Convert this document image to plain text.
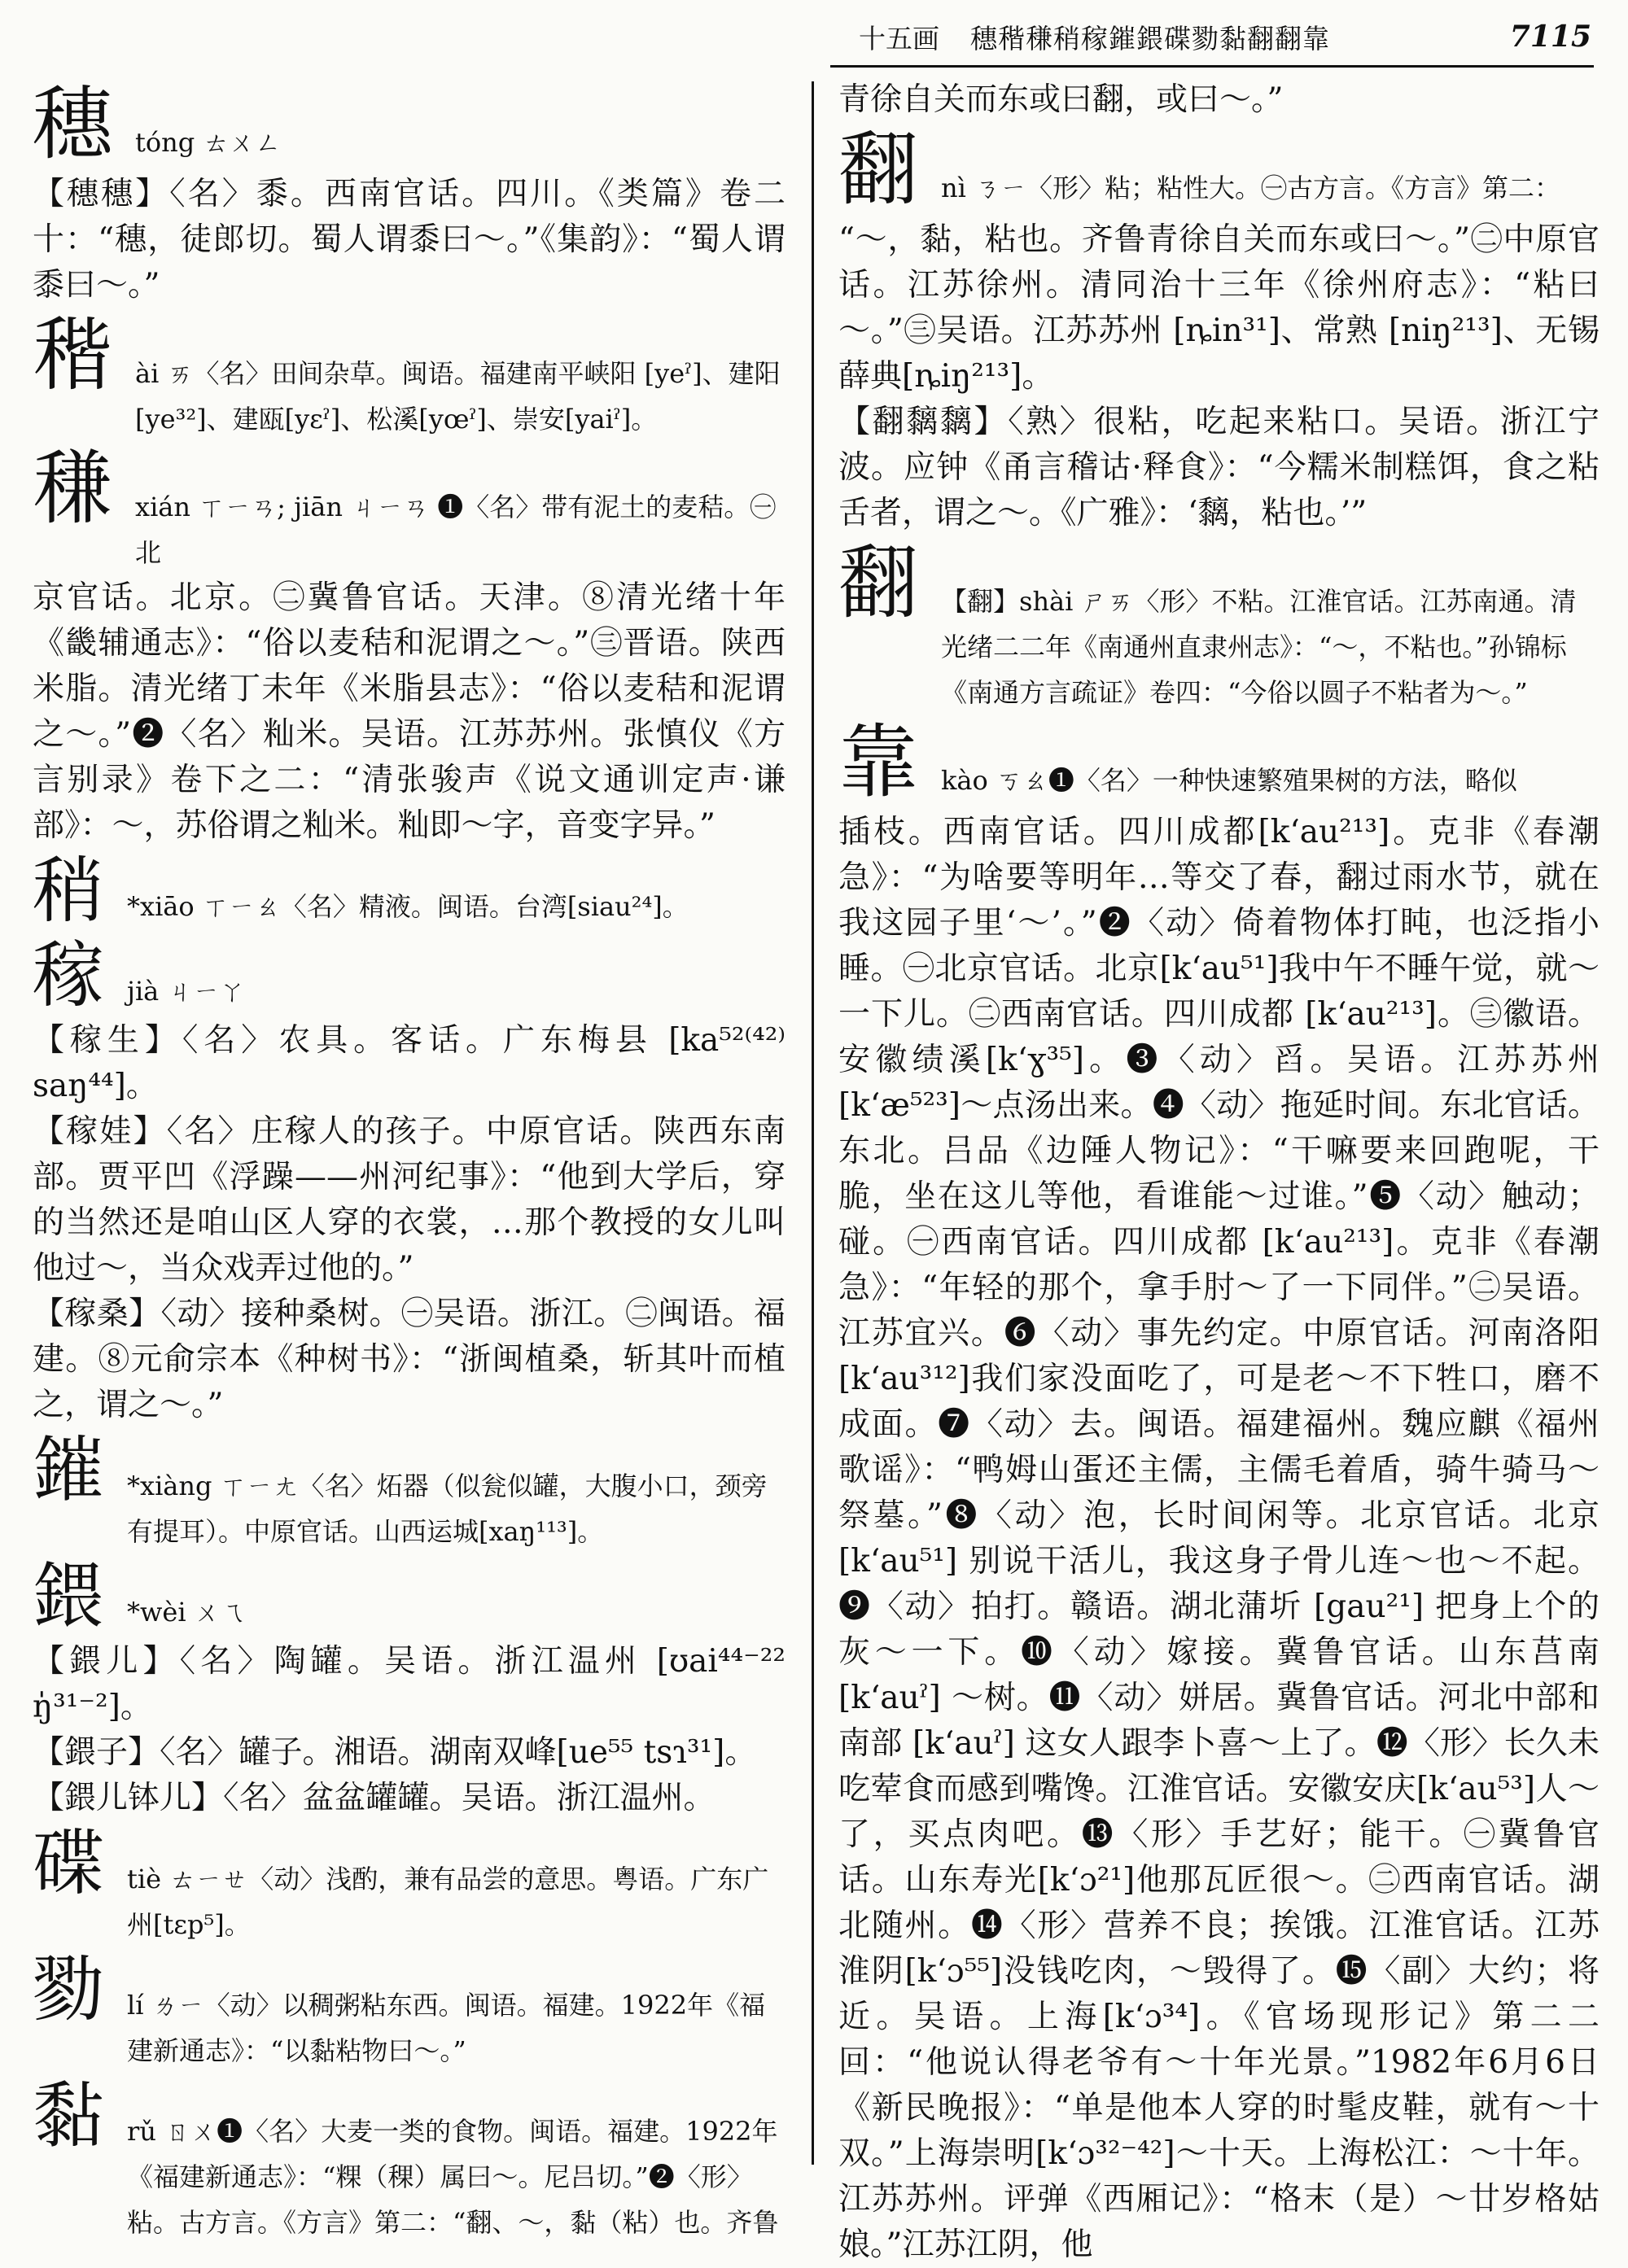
十五画 穗稭稴稍稼鏙鍡碟勠黏翻翻靠	7115
穗 tóng ㄊㄨㄥ

【穗穗】〈名〉黍。西南官话。四川。《类篇》卷二十：“穗，徒郎切。蜀人谓黍曰～。”《集韵》：“蜀人谓黍曰～。”

稭 ài ㄞ〈名〉田间杂草。闽语。福建南平峡阳 [yeˀ]、建阳[ye³²]、建瓯[yɛˀ]、松溪[yœˀ]、崇安[yaiˀ]。
稴 xián ㄒㄧㄢ; jiān ㄐㄧㄢ ❶〈名〉带有泥土的麦秸。㊀北

京官话。北京。㊁冀鲁官话。天津。⑧清光绪十年《畿辅通志》：“俗以麦秸和泥谓之～。”㊂晋语。陕西米脂。清光绪丁未年《米脂县志》：“俗以麦秸和泥谓之～。”❷〈名〉籼米。吴语。江苏苏州。张慎仪《方言别录》卷下之二：“清张骏声《说文通训定声·谦部》：～，苏俗谓之籼米。籼即～字，音变字异。”

稍 *xiāo ㄒㄧㄠ〈名〉精液。闽语。台湾[siau²⁴]。
稼 jià ㄐㄧㄚ

【稼生】〈名〉农具。客话。广东梅县 [ka⁵²⁽⁴²⁾ saŋ⁴⁴]。

【稼娃】〈名〉庄稼人的孩子。中原官话。陕西东南部。贾平凹《浮躁——州河纪事》：“他到大学后，穿的当然还是咱山区人穿的衣裳，…那个教授的女儿叫他过～，当众戏弄过他的。”

【稼桑】〈动〉接种桑树。㊀吴语。浙江。㊁闽语。福建。⑧元俞宗本《种树书》：“浙闽植桑，斩其叶而植之，谓之～。”

鏙 *xiàng ㄒㄧㄤ〈名〉炻器（似瓮似罐，大腹小口，颈旁有提耳）。中原官话。山西运城[xaŋ¹¹³]。
鍡 *wèi ㄨㄟ

【鍡儿】〈名〉陶罐。吴语。浙江温州 [ʊai⁴⁴⁻²² ŋ̍³¹⁻²]。

【鍡子】〈名〉罐子。湘语。湖南双峰[ue⁵⁵ tsɿ³¹]。

【鍡儿钵儿】〈名〉盆盆罐罐。吴语。浙江温州。

碟 tiè ㄊㄧㄝ〈动〉浅酌，兼有品尝的意思。粤语。广东广州[tɛp⁵]。
勠 lí ㄌㄧ〈动〉以稠粥粘东西。闽语。福建。1922年《福建新通志》：“以黏粘物曰～。”
黏 rǔ ㄖㄨ❶〈名〉大麦一类的食物。闽语。福建。1922年《福建新通志》：“粿（稞）属曰～。尼吕切。”❷〈形〉粘。古方言。《方言》第二：“翻、～，黏（粘）也。齐鲁

青徐自关而东或曰翻，或曰～。”

翻 nì ㄋㄧ〈形〉粘；粘性大。㊀古方言。《方言》第二：

“～，黏，粘也。齐鲁青徐自关而东或曰～。”㊁中原官话。江苏徐州。清同治十三年《徐州府志》：“粘曰～。”㊂吴语。江苏苏州 [ȵin³¹]、常熟 [niŋ²¹³]、无锡薛典[ȵiŋ²¹³]。

【翻黐黐】〈熟〉很粘，吃起来粘口。吴语。浙江宁波。应钟《甬言稽诂·释食》：“今糯米制糕饵，食之粘舌者，谓之～。《广雅》：‘黐，粘也。’”

翻 【翻】shài ㄕㄞ〈形〉不粘。江淮官话。江苏南通。清光绪二二年《南通州直隶州志》：“～，不粘也。”孙锦标《南通方言疏证》卷四：“今俗以圆子不粘者为～。”
靠 kào ㄎㄠ❶〈名〉一种快速繁殖果树的方法，略似

插枝。西南官话。四川成都[k‘au²¹³]。克非《春潮急》：“为啥要等明年…等交了春，翻过雨水节，就在我这园子里‘～’。”❷〈动〉倚着物体打盹，也泛指小睡。㊀北京官话。北京[k‘au⁵¹]我中午不睡午觉，就～一下儿。㊁西南官话。四川成都 [k‘au²¹³]。㊂徽语。安徽绩溪[k‘ɣ³⁵]。❸〈动〉舀。吴语。江苏苏州[k‘æ⁵²³]～点汤出来。❹〈动〉拖延时间。东北官话。东北。吕品《边陲人物记》：“干嘛要来回跑呢，干脆，坐在这儿等他，看谁能～过谁。”❺〈动〉触动；碰。㊀西南官话。四川成都 [k‘au²¹³]。克非《春潮急》：“年轻的那个，拿手肘～了一下同伴。”㊁吴语。江苏宜兴。❻〈动〉事先约定。中原官话。河南洛阳[k‘au³¹²]我们家没面吃了，可是老～不下牲口，磨不成面。❼〈动〉去。闽语。福建福州。魏应麒《福州歌谣》：“鸭姆山蛋还主儒，主儒毛着盾，骑牛骑马～祭墓。”❽〈动〉泡，长时间闲等。北京官话。北京 [k‘au⁵¹] 别说干活儿，我这身子骨儿连～也～不起。❾〈动〉拍打。赣语。湖北蒲圻 [gau²¹] 把身上个的灰～一下。❿〈动〉嫁接。冀鲁官话。山东莒南[k‘auˀ] ～树。⓫〈动〉姘居。冀鲁官话。河北中部和南部 [k‘auˀ] 这女人跟李卜喜～上了。⓬〈形〉长久未吃荤食而感到嘴馋。江淮官话。安徽安庆[k‘au⁵³]人～了，买点肉吧。⓭〈形〉手艺好；能干。㊀冀鲁官话。山东寿光[k‘ɔ²¹]他那瓦匠很～。㊁西南官话。湖北随州。⓮〈形〉营养不良；挨饿。江淮官话。江苏淮阴[k‘ɔ⁵⁵]没钱吃肉，～毁得了。⓯〈副〉大约；将近。吴语。上海[k‘ɔ³⁴]。《官场现形记》第二二回：“他说认得老爷有～十年光景。”1982年6月6日《新民晚报》：“单是他本人穿的时髦皮鞋，就有～十双。”上海崇明[k‘ɔ³²⁻⁴²]～十天。上海松江：～十年。江苏苏州。评弹《西厢记》：“格末（是）～廿岁格姑娘。”江苏江阴，他
